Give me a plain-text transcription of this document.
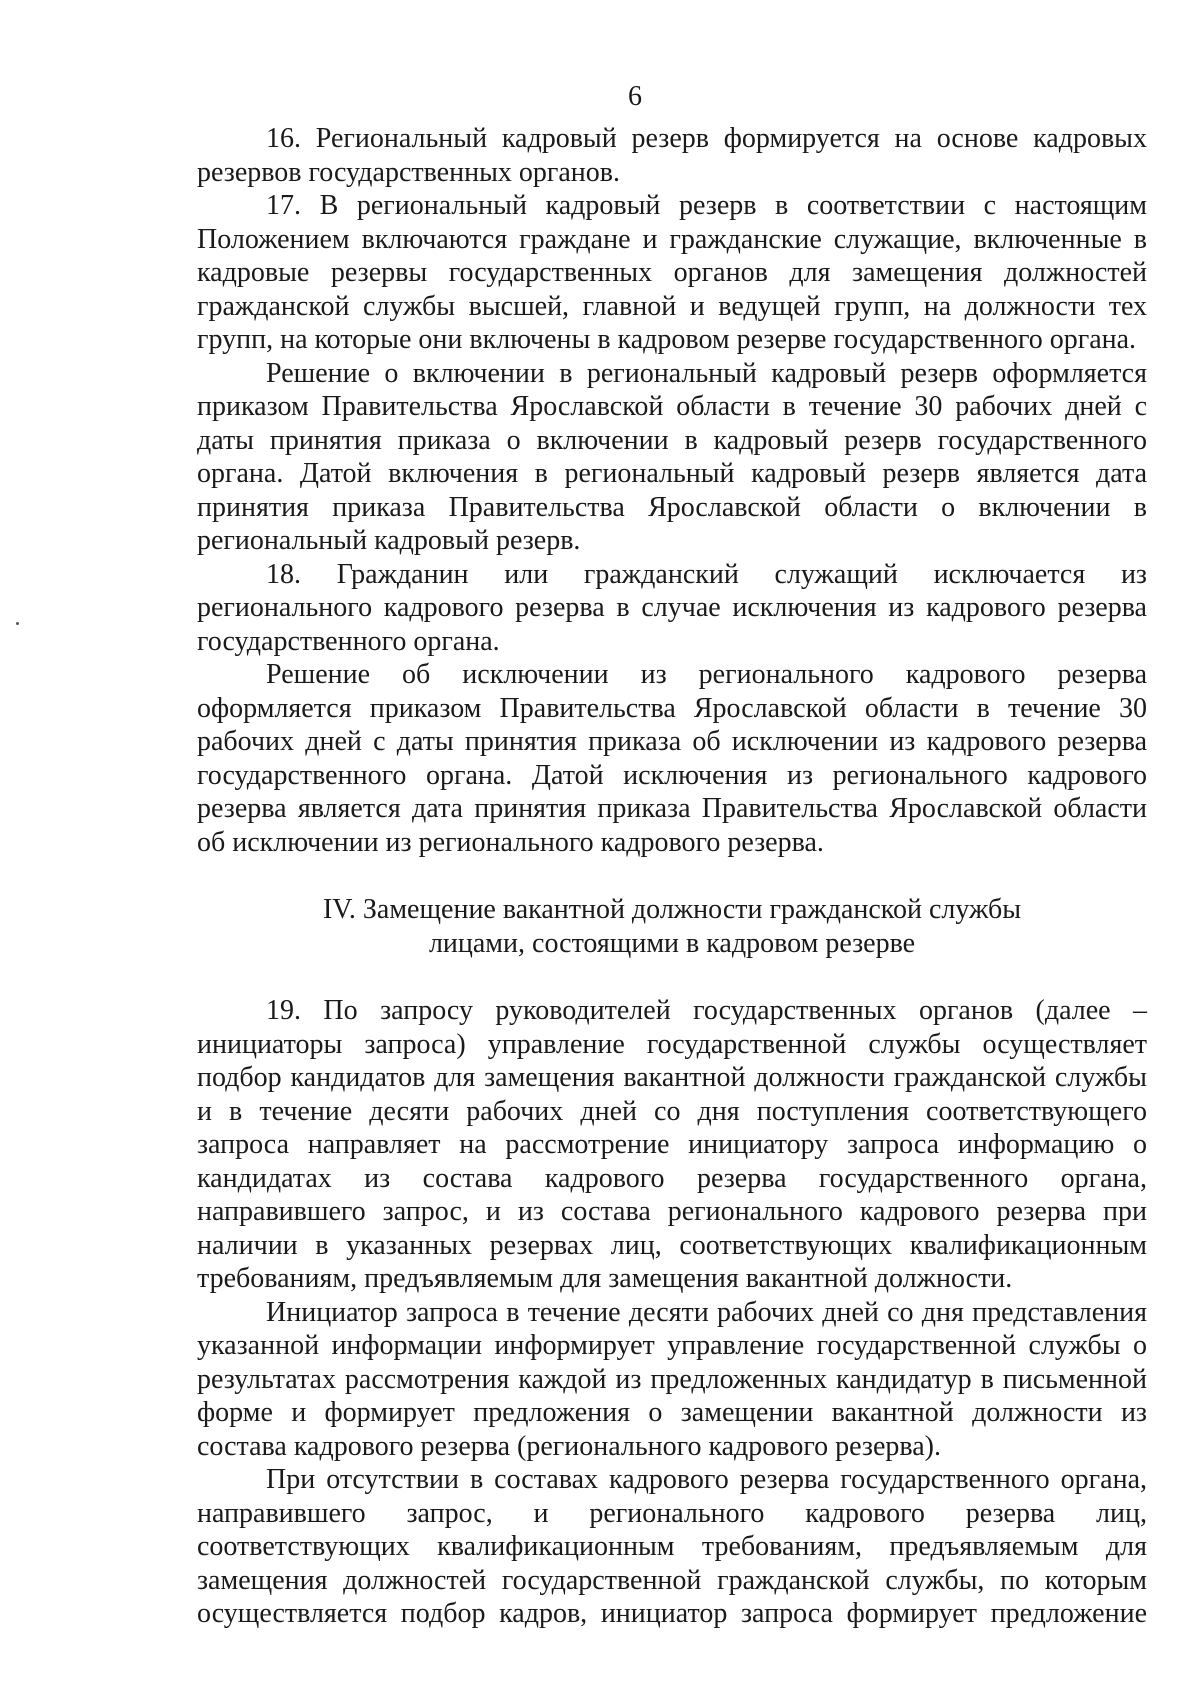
6

16. Региональный кадровый резерв формируется на основе кадровых резервов государственных органов.

17. В региональный кадровый резерв в соответствии с настоящим Положением включаются граждане и гражданские служащие, включенные в кадровые резервы государственных органов для замещения должностей гражданской службы высшей, главной и ведущей групп, на должности тех групп, на которые они включены в кадровом резерве государственного органа.

Решение о включении в региональный кадровый резерв оформляется приказом Правительства Ярославской области в течение 30 рабочих дней с даты принятия приказа о включении в кадровый резерв государственного органа. Датой включения в региональный кадровый резерв является дата принятия приказа Правительства Ярославской области о включении в региональный кадровый резерв.

18. Гражданин или гражданский служащий исключается из регионального кадрового резерва в случае исключения из кадрового резерва государственного органа.

Решение об исключении из регионального кадрового резерва оформляется приказом Правительства Ярославской области в течение 30 рабочих дней с даты принятия приказа об исключении из кадрового резерва государственного органа. Датой исключения из регионального кадрового резерва является дата принятия приказа Правительства Ярославской области об исключении из регионального кадрового резерва.

IV. Замещение вакантной должности гражданской службы
лицами, состоящими в кадровом резерве

19. По запросу руководителей государственных органов (далее – инициаторы запроса) управление государственной службы осуществляет подбор кандидатов для замещения вакантной должности гражданской службы и в течение десяти рабочих дней со дня поступления соответствующего запроса направляет на рассмотрение инициатору запроса информацию о кандидатах из состава кадрового резерва государственного органа, направившего запрос, и из состава регионального кадрового резерва при наличии в указанных резервах лиц, соответствующих квалификационным требованиям, предъявляемым для замещения вакантной должности.

Инициатор запроса в течение десяти рабочих дней со дня представления указанной информации информирует управление государственной службы о результатах рассмотрения каждой из предложенных кандидатур в письменной форме и формирует предложения о замещении вакантной должности из состава кадрового резерва (регионального кадрового резерва).

При отсутствии в составах кадрового резерва государственного органа, направившего запрос, и регионального кадрового резерва лиц, соответствующих квалификационным требованиям, предъявляемым для замещения должностей государственной гражданской службы, по которым осуществляется подбор кадров, инициатор запроса формирует предложение
